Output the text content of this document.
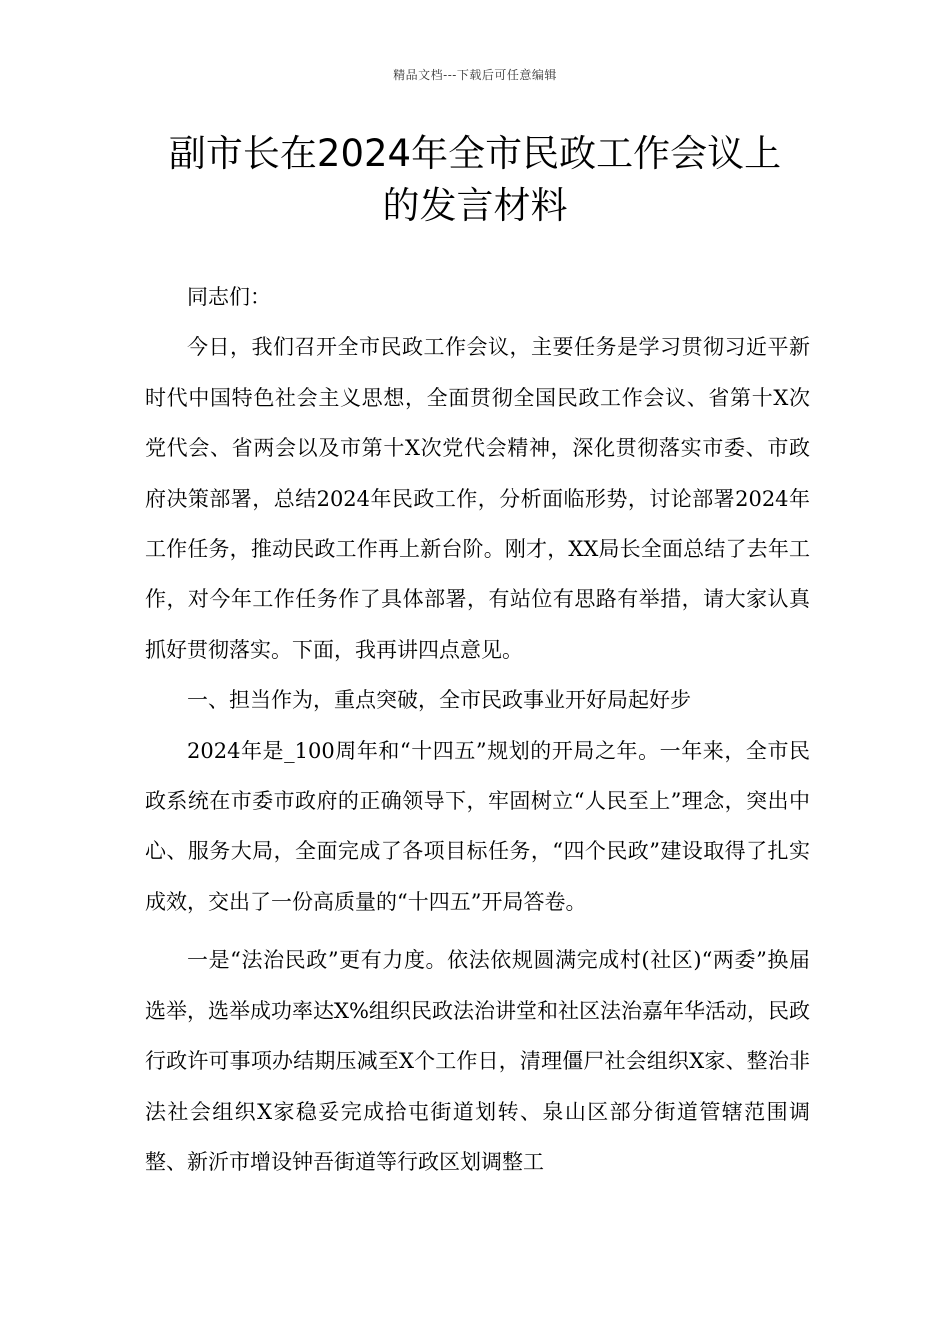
精品文档---下载后可任意编辑
副市长在2024年全市民政工作会议上
的发言材料

同志们：

今日，我们召开全市民政工作会议，主要任务是学习贯彻习近平新时代中国特色社会主义思想，全面贯彻全国民政工作会议、省第十X次党代会、省两会以及市第十X次党代会精神，深化贯彻落实市委、市政府决策部署，总结2024年民政工作，分析面临形势，讨论部署2024年工作任务，推动民政工作再上新台阶。刚才，XX局长全面总结了去年工作，对今年工作任务作了具体部署，有站位有思路有举措，请大家认真抓好贯彻落实。下面，我再讲四点意见。

一、担当作为，重点突破，全市民政事业开好局起好步

2024年是_100周年和“十四五”规划的开局之年。一年来，全市民政系统在市委市政府的正确领导下，牢固树立“人民至上”理念，突出中心、服务大局，全面完成了各项目标任务，“四个民政”建设取得了扎实成效，交出了一份高质量的“十四五”开局答卷。

一是“法治民政”更有力度。依法依规圆满完成村(社区)“两委”换届选举，选举成功率达X%组织民政法治讲堂和社区法治嘉年华活动，民政行政许可事项办结期压减至X个工作日，清理僵尸社会组织X家、整治非法社会组织X家稳妥完成拾屯街道划转、泉山区部分街道管辖范围调整、新沂市增设钟吾街道等行政区划调整工
